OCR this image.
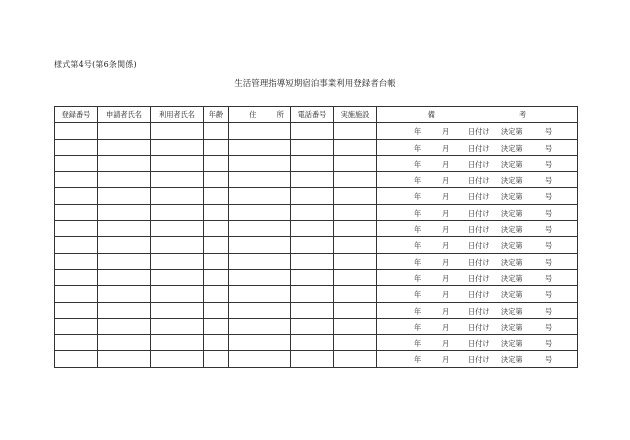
様式第4号(第6条関係)
生活管理指導短期宿泊事業利用登録者台帳
登録番号	申請者氏名	利用者氏名	年齢	住 所	電話番号	実施施設	備 考

							年 月 日付け 決定第 号

							年 月 日付け 決定第 号

							年 月 日付け 決定第 号

							年 月 日付け 決定第 号

							年 月 日付け 決定第 号

							年 月 日付け 決定第 号

							年 月 日付け 決定第 号

							年 月 日付け 決定第 号

							年 月 日付け 決定第 号

							年 月 日付け 決定第 号

							年 月 日付け 決定第 号

							年 月 日付け 決定第 号

							年 月 日付け 決定第 号

							年 月 日付け 決定第 号

							年 月 日付け 決定第 号
